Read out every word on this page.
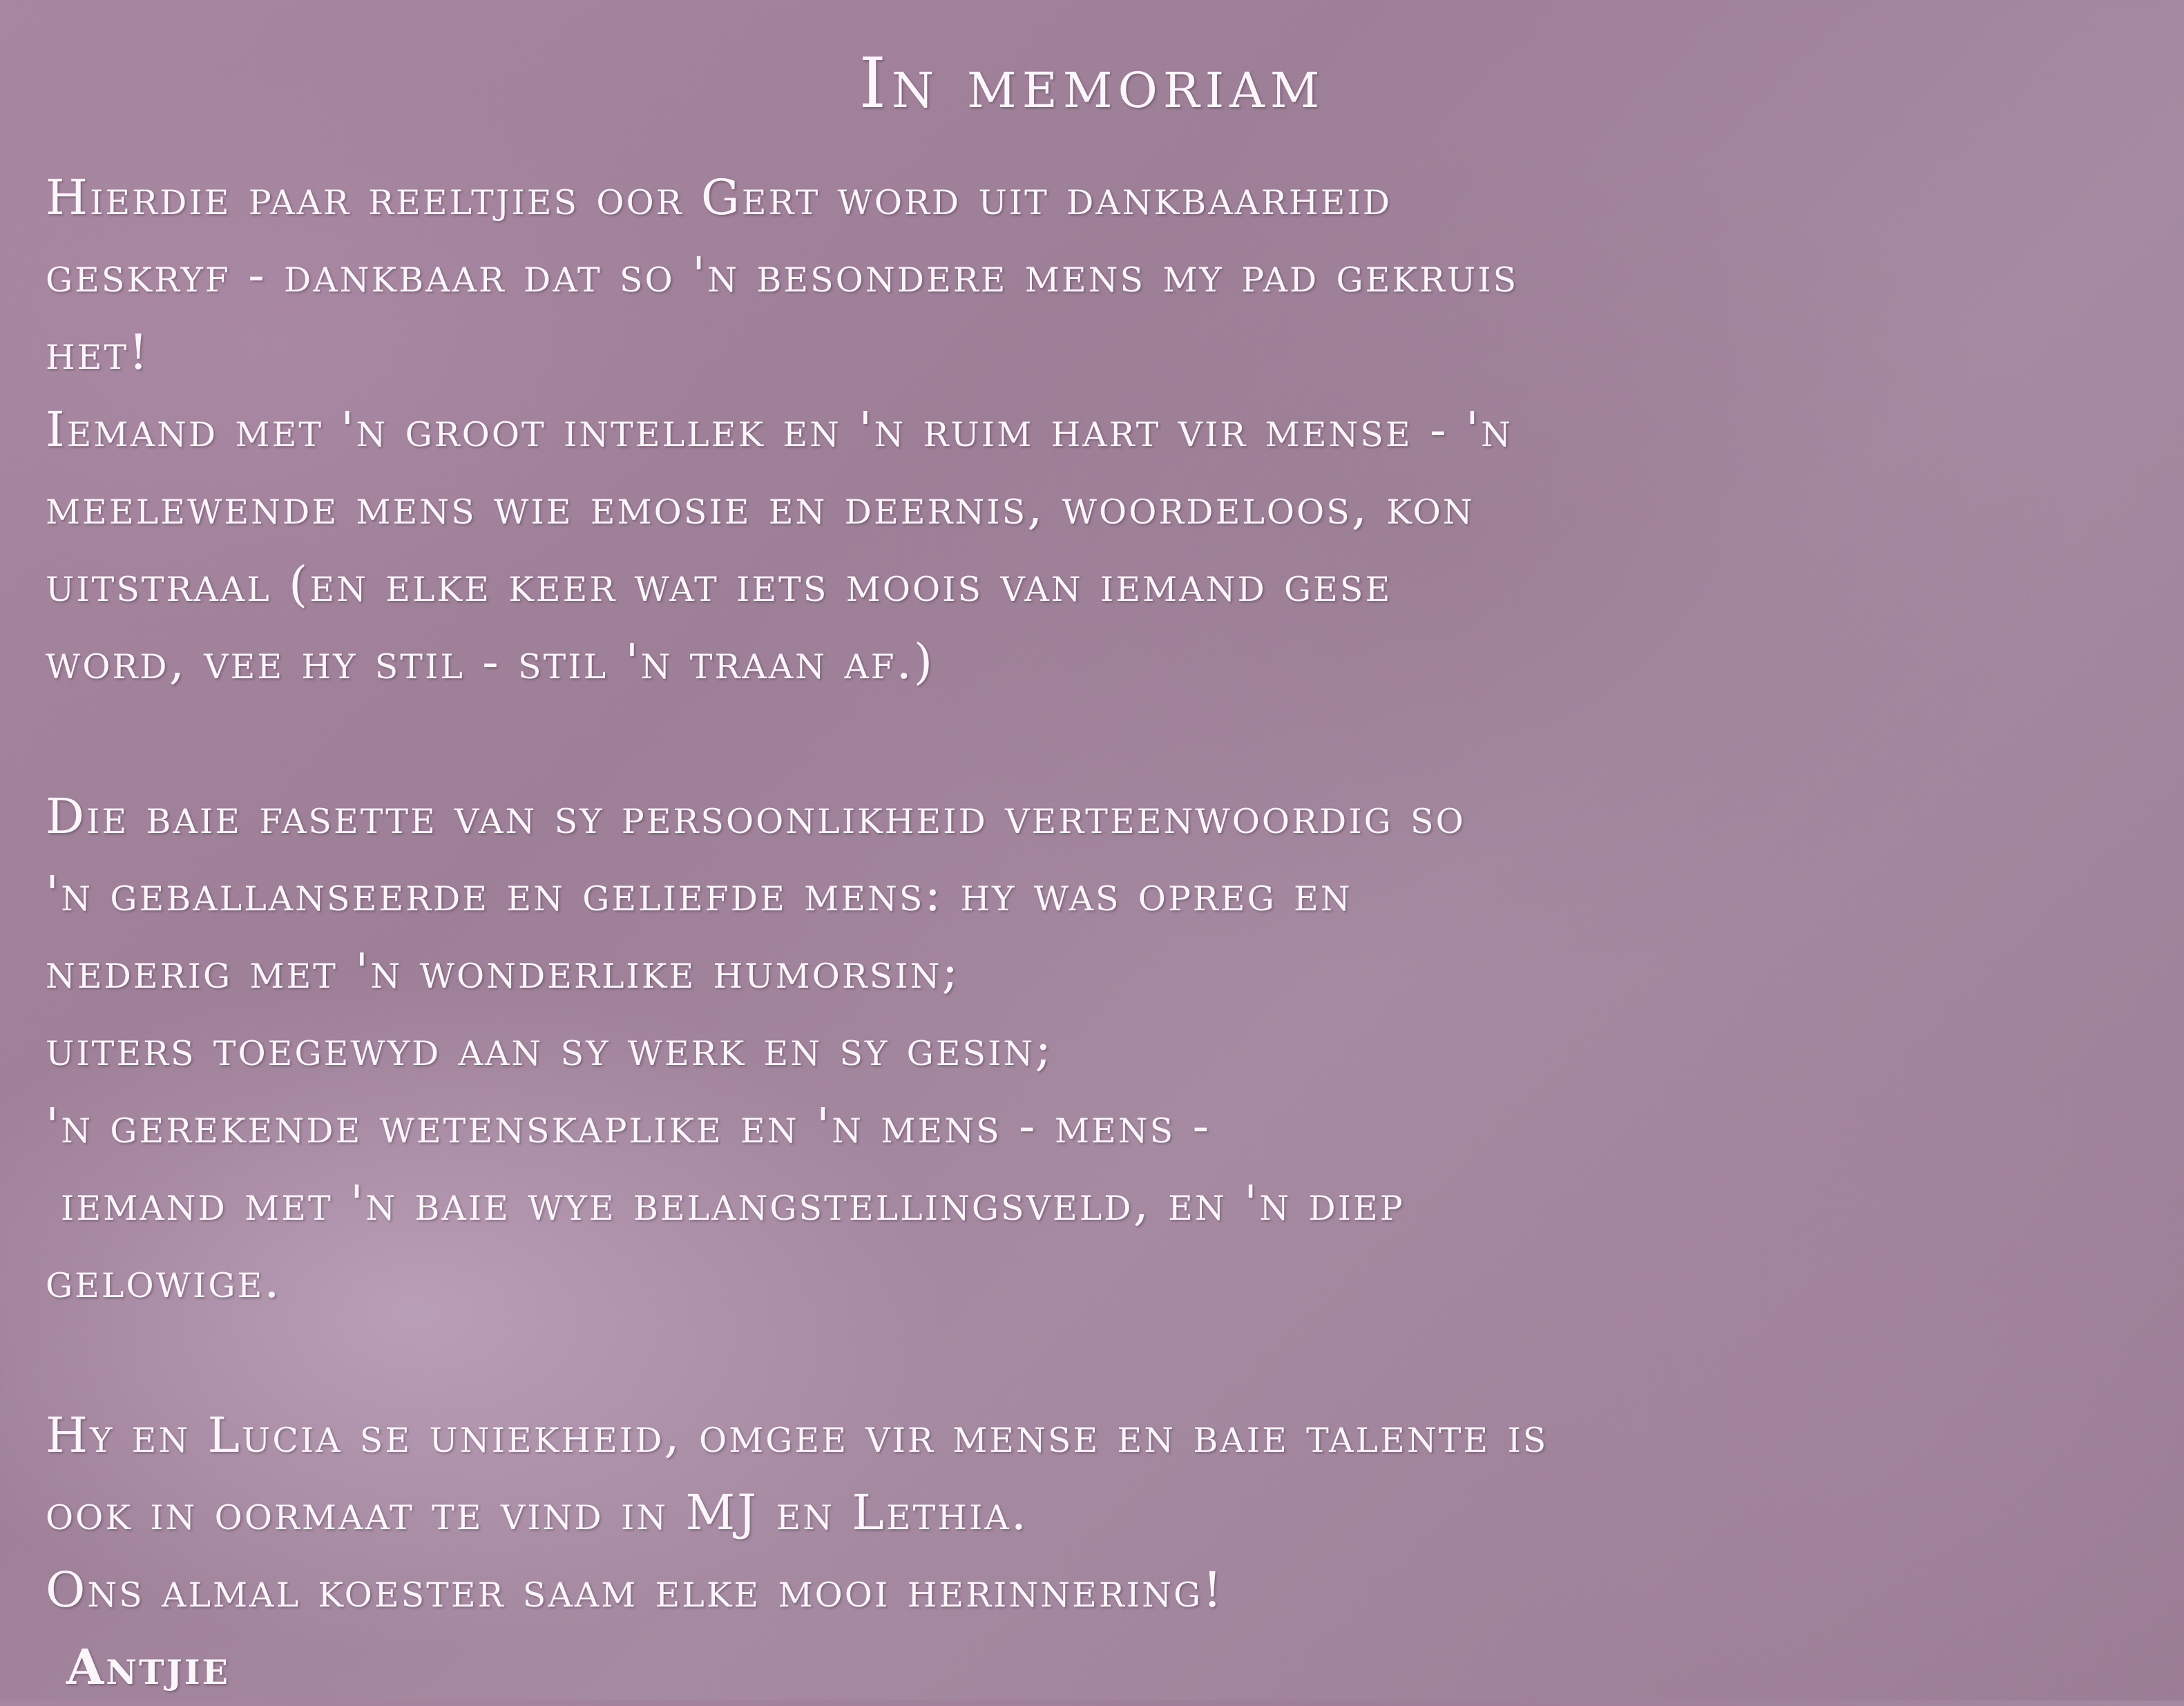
In memoriam
Hierdie paar reeltjies oor Gert word uit dankbaarheid
geskryf - dankbaar dat so 'n besondere mens my pad gekruis
het!
Iemand met 'n groot intellek en 'n ruim hart vir mense - 'n
meelewende mens wie emosie en deernis, woordeloos, kon
uitstraal (en elke keer wat iets moois van iemand gese
word, vee hy stil - stil 'n traan af.)
Die baie fasette van sy persoonlikheid verteenwoordig so
'n geballanseerde en geliefde mens: hy was opreg en
nederig met 'n wonderlike humorsin;
uiters toegewyd aan sy werk en sy gesin;
'n gerekende wetenskaplike en 'n mens - mens -
iemand met 'n baie wye belangstellingsveld, en 'n diep
gelowige.
Hy en Lucia se uniekheid, omgee vir mense en baie talente is
ook in oormaat te vind in MJ en Lethia.
Ons almal koester saam elke mooi herinnering!
Antjie
